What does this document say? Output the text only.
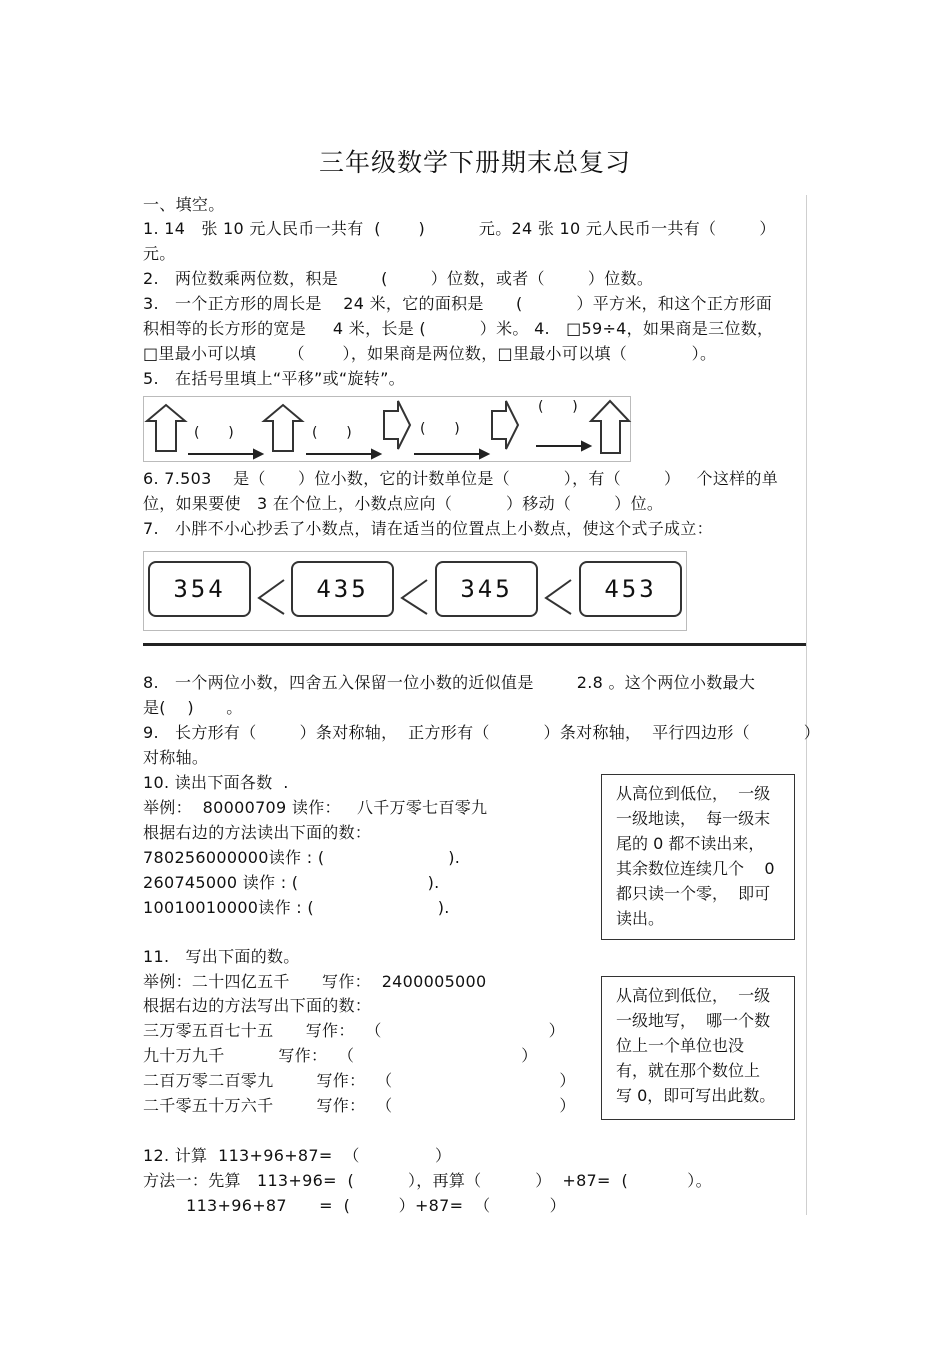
三年级数学下册期末总复习
一、填空。
1. 14   张 10 元人民币一共有  (       )          元。24 张 10 元人民币一共有（        ）
元。
2.   两位数乘两位数，积是        (        ）位数，或者（        ）位数。
3.   一个正方形的周长是    24 米，它的面积是      (          ）平方米，和这个正方形面
积相等的长方形的宽是     4 米，长是 (          ）米。 4.   □59÷4，如果商是三位数，
□里最小可以填      （       ），如果商是两位数，□里最小可以填（            ）。
5.   在括号里填上“平移”或“旋转”。
(      )	(      )	(      )
(      )
6. 7.503    是（      ）位小数，它的计数单位是（          ），有（        ）   个这样的单
位，如果要使   3 在个位上，小数点应向（          ）移动（        ）位。
7.   小胖不小心抄丢了小数点，请在适当的位置点上小数点，使这个式子成立：
354	435	345	453
8.   一个两位小数，四舍五入保留一位小数的近似值是        2.8 。这个两位小数最大
是(    )      。
9.   长方形有（        ）条对称轴，  正方形有（          ）条对称轴，  平行四边形（          ）
对称轴。
10. 读出下面各数  .
举例：  80000709 读作：   八千万零七百零九
根据右边的方法读出下面的数：
780256000000读作 : (                       ).
260745000 读作 : (                        ).
10010010000读作 : (                       ).
从高位到低位，  一级
一级地读，  每一级末
尾的 0 都不读出来，
其余数位连续几个    0
都只读一个零，  即可
读出。
11.   写出下面的数。
举例：二十四亿五千      写作：  2400005000
根据右边的方法写出下面的数：
三万零五百七十五      写作：  （                               ）
九十万九千          写作：  （                               ）
二百万零二百零九        写作：  （                               ）
二千零五十万六千        写作：  （                               ）
从高位到低位，  一级
一级地写，  哪一个数
位上一个单位也没
有，就在那个数位上
写 0，即可写出此数。
12. 计算  113+96+87=  （              ）
方法一：先算   113+96=  (          ），再算（          ）  +87=  (           ）。
113+96+87      =  (         ）+87=  （           ）
